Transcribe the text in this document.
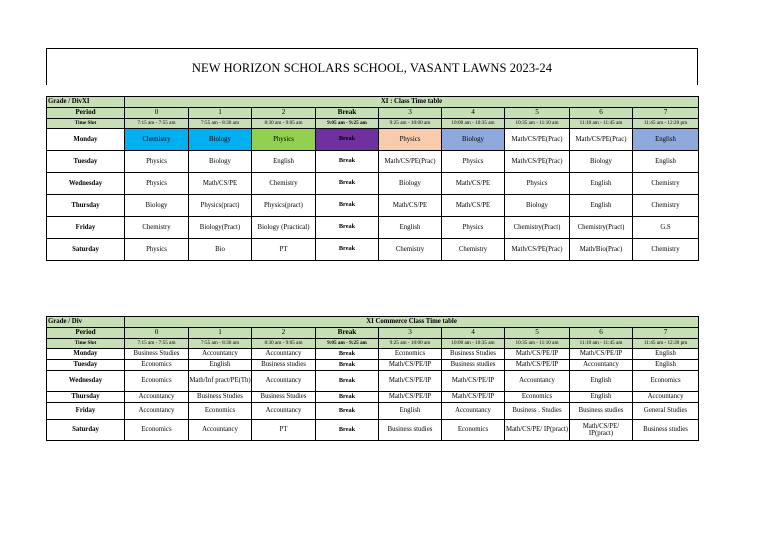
NEW HORIZON SCHOLARS SCHOOL, VASANT LAWNS 2023-24
Grade / DivXI	XI : Class Time table								
Period	0	1	2	Break	3	4	5	6	7
Time Slot	7:15 am - 7:55 am	7:55 am - 8:30 am	8:30 am - 9:05 am	9:05 am - 9:25 am	9:25 am - 10:00 am	10:00 am - 10:35 am	10:35 am - 11:10 am	11:10 am - 11:45 am	11:45 am - 12:20 pm
Monday	Chemistry	Biology	Physics	Break	Physics	Biology	Math/CS/PE(Prac)	Math/CS/PE(Prac)	English
Tuesday	Physics	Biology	English	Break	Math/CS/PE(Prac)	Physics	Math/CS/PE(Prac)	Biology	English
Wednesday	Physics	Math/CS/PE	Chemistry	Break	Biology	Math/CS/PE	Physics	English	Chemistry
Thursday	Biology	Physics(pract)	Physics(pract)	Break	Math/CS/PE	Math/CS/PE	Biology	English	Chemistry
Friday	Chemistry	Biology(Pract)	Biology (Practical)	Break	English	Physics	Chemistry(Pract)	Chemistry(Pract)	G.S
Saturday	Physics	Bio	PT	Break	Chemistry	Chemistry	Math/CS/PE(Prac)	Math/Bio(Prac)	Chemistry
Grade / Div	XI Commerce Class Time table								
Period	0	1	2	Break	3	4	5	6	7
Time Slot	7:15 am - 7:55 am	7:55 am - 8:30 am	8:30 am - 9:05 am	9:05 am - 9:25 am	9:25 am - 10:00 am	10:00 am - 10:35 am	10:35 am - 11:10 am	11:10 am - 11:45 am	11:45 am - 12:20 pm
Monday	Business Studies	Accountancy	Accountancy	Break	Economics	Business Studies	Math/CS/PE/IP	Math/CS/PE/IP	English
Tuesday	Economics	English	Business studies	Break	Math/CS/PE/IP	Business studies	Math/CS/PE/IP	Accountancy	English
Wednesday	Economics	Math/Inf pract/PE(Th)	Accountancy	Break	Math/CS/PE/IP	Math/CS/PE/IP	Accountancy	English	Economics
Thursday	Accountancy	Business Studies	Business Studies	Break	Math/CS/PE/IP	Math/CS/PE/IP	Economics	English	Accountancy
Friday	Accountancy	Economics	Accountancy	Break	English	Accountancy	Business . Studies	Business studies	General Studies
Saturday	Economics	Accountancy	PT	Break	Business studies	Economics	Math/CS/PE/ IP(pract)	Math/CS/PE/ IP(pract)	Business studies
